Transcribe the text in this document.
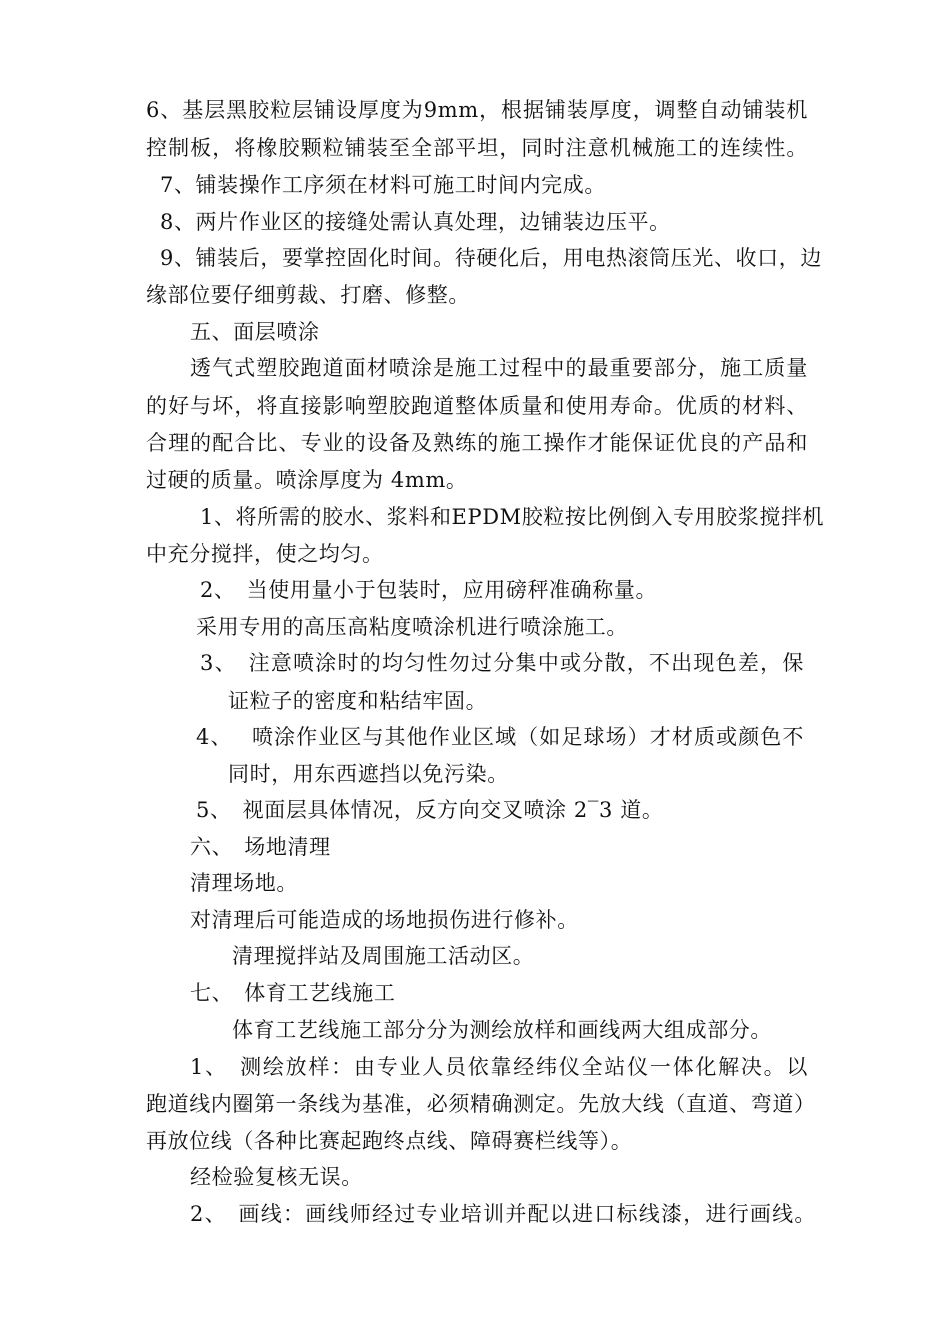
6、基层黑胶粒层铺设厚度为9mm，根据铺装厚度，调整自动铺装机
控制板，将橡胶颗粒铺装至全部平坦，同时注意机械施工的连续性。
7、铺装操作工序须在材料可施工时间内完成。
8、两片作业区的接缝处需认真处理，边铺装边压平。
9、铺装后，要掌控固化时间。待硬化后，用电热滚筒压光、收口，边
缘部位要仔细剪裁、打磨、修整。
五、面层喷涂
透气式塑胶跑道面材喷涂是施工过程中的最重要部分，施工质量
的好与坏，将直接影响塑胶跑道整体质量和使用寿命。优质的材料、
合理的配合比、专业的设备及熟练的施工操作才能保证优良的产品和
过硬的质量。喷涂厚度为 4mm。
1、将所需的胶水、浆料和EPDM胶粒按比例倒入专用胶浆搅拌机
中充分搅拌，使之均匀。
2、　当使用量小于包装时，应用磅秤准确称量。
采用专用的高压高粘度喷涂机进行喷涂施工。
3、　注意喷涂时的均匀性勿过分集中或分散，不出现色差，保
证粒子的密度和粘结牢固。
4、　 喷涂作业区与其他作业区域（如足球场）才材质或颜色不
同时，用东西遮挡以免污染。
5、　视面层具体情况，反方向交叉喷涂 2‾3 道。
六、　场地清理
清理场地。
对清理后可能造成的场地损伤进行修补。
清理搅拌站及周围施工活动区。
七、　体育工艺线施工
体育工艺线施工部分分为测绘放样和画线两大组成部分。
1、　测绘放样：由专业人员依靠经纬仪全站仪一体化解决。以
跑道线内圈第一条线为基准，必须精确测定。先放大线（直道、弯道）
再放位线（各种比赛起跑终点线、障碍赛栏线等）。
经检验复核无误。
2、　画线：画线师经过专业培训并配以进口标线漆，进行画线。
